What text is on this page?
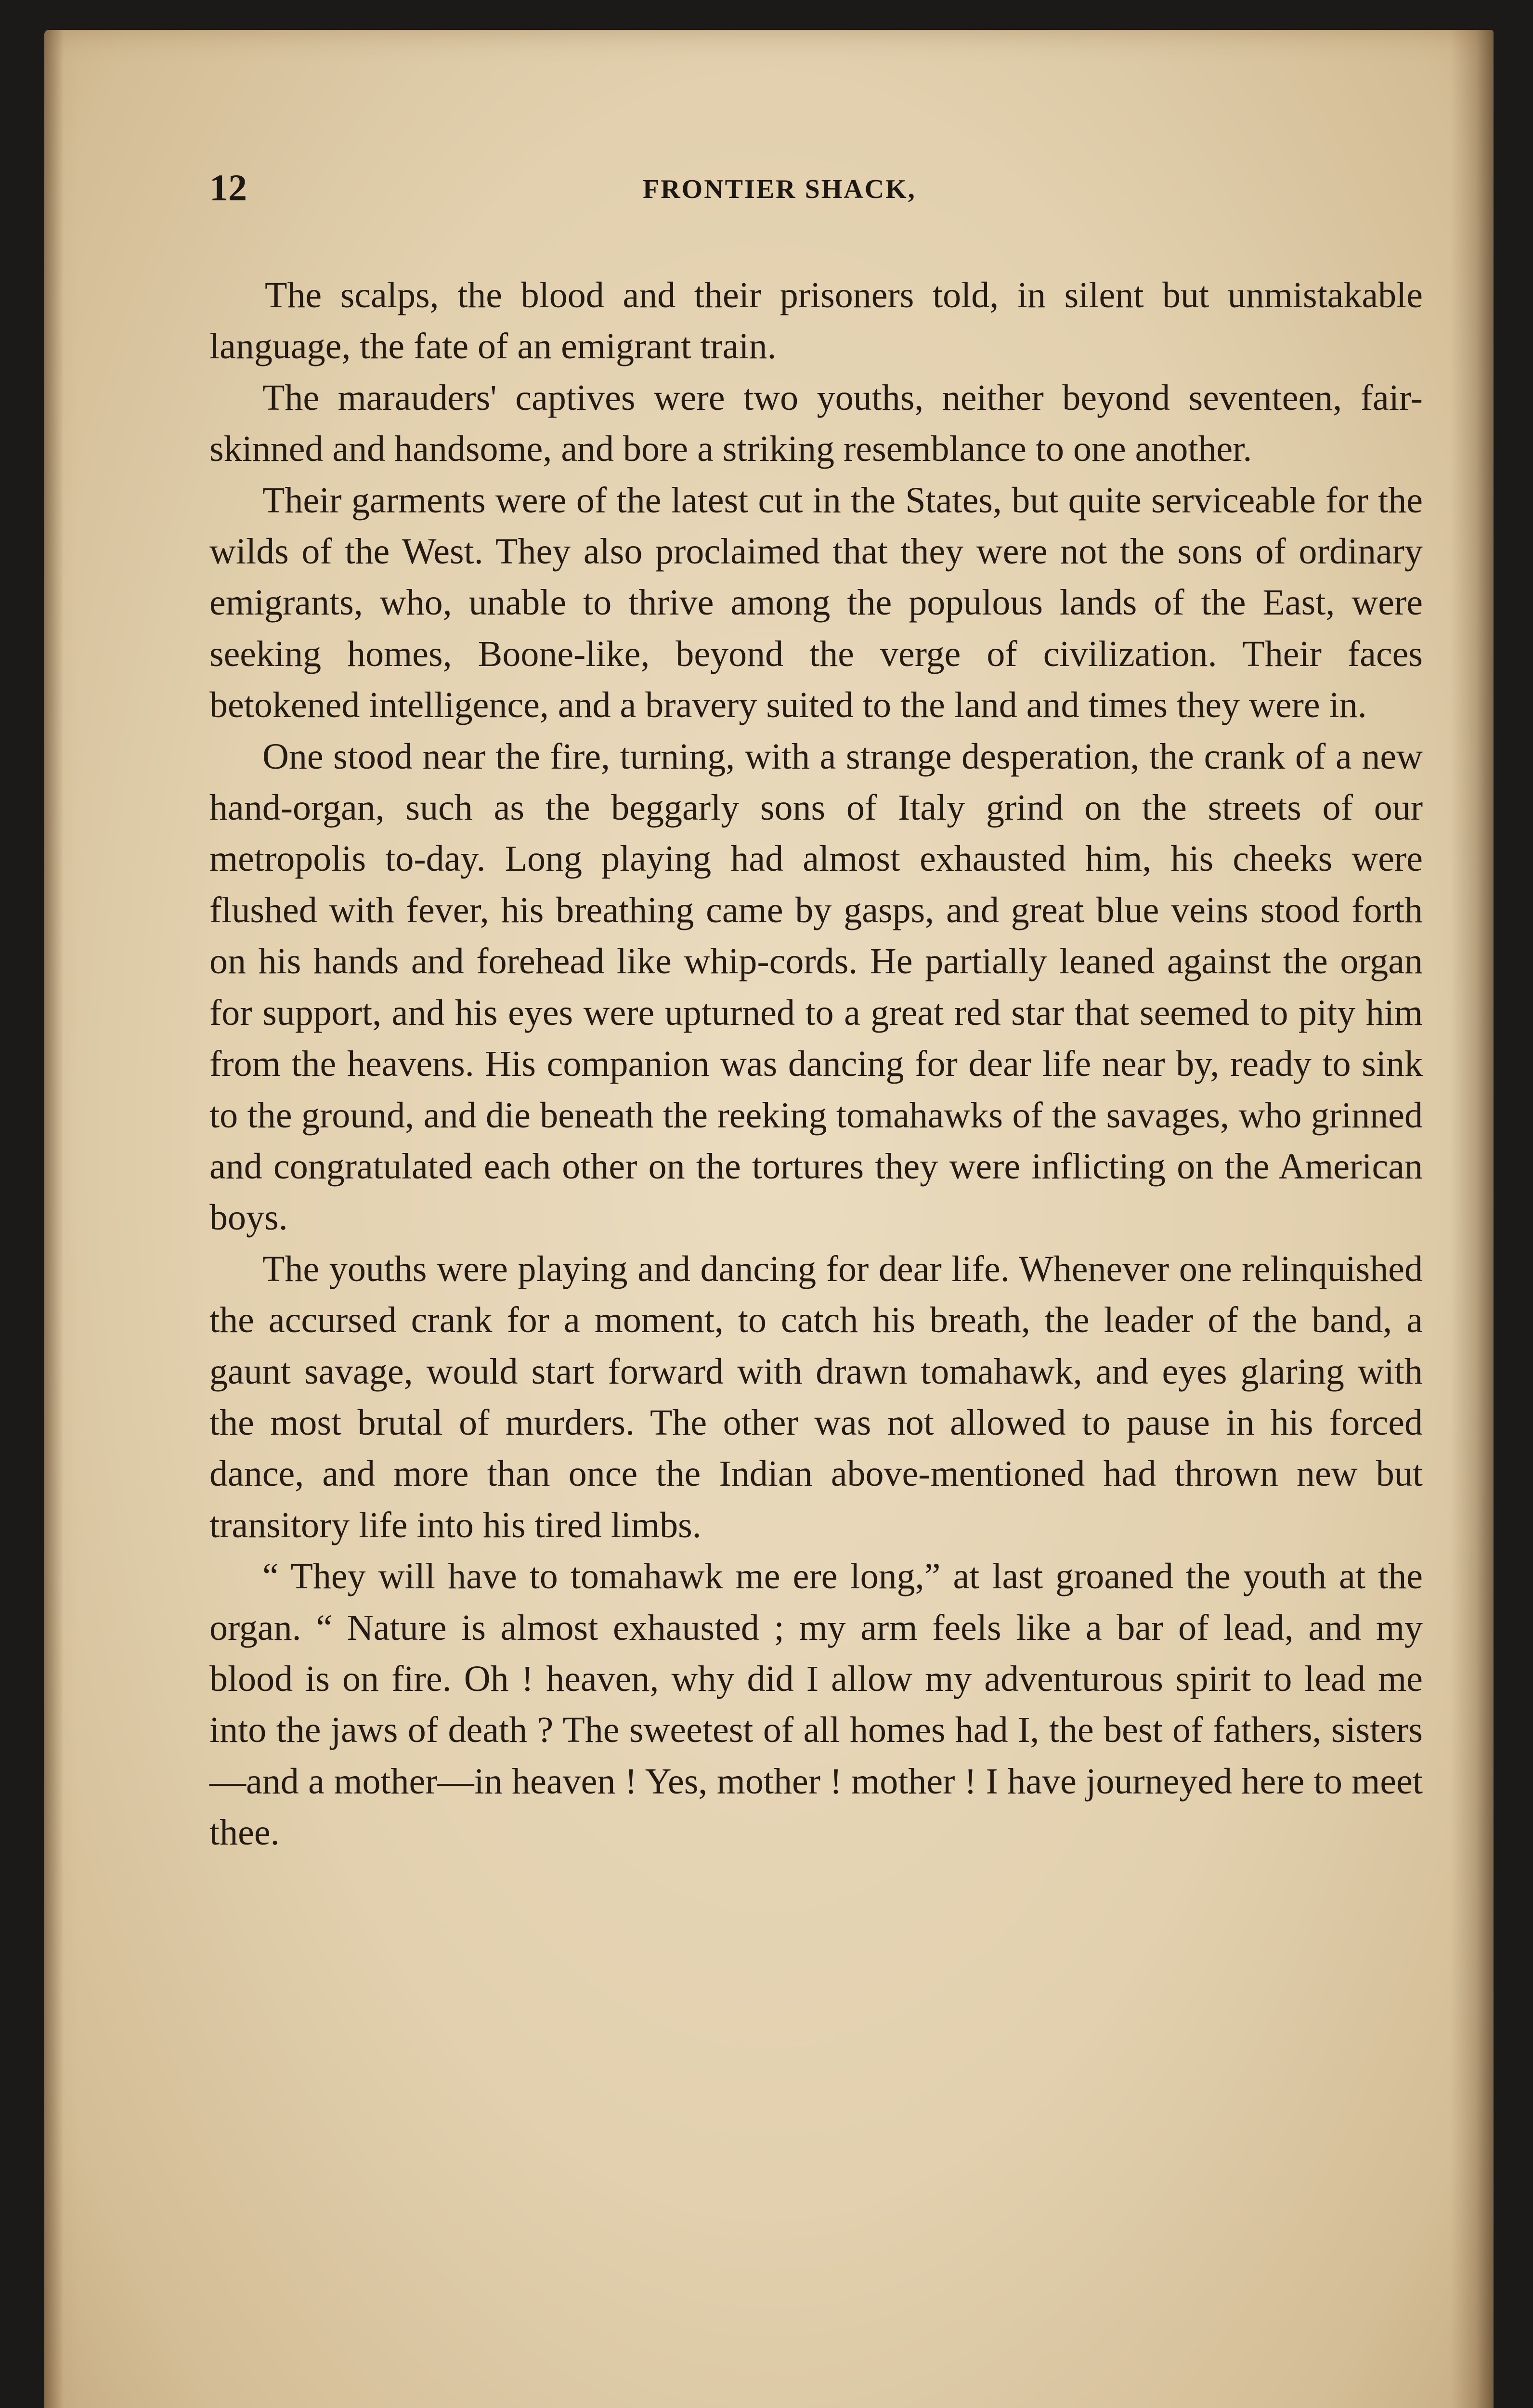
12	FRONTIER SHACK,

The scalps, the blood and their prisoners told, in silent but unmistakable language, the fate of an emigrant train.

The marauders' captives were two youths, neither beyond seventeen, fair-skinned and handsome, and bore a striking resemblance to one another.

Their garments were of the latest cut in the States, but quite serviceable for the wilds of the West. They also proclaimed that they were not the sons of ordinary emigrants, who, unable to thrive among the populous lands of the East, were seeking homes, Boone-like, beyond the verge of civilization. Their faces betokened intelligence, and a bravery suited to the land and times they were in.

One stood near the fire, turning, with a strange desperation, the crank of a new hand-organ, such as the beggarly sons of Italy grind on the streets of our metropolis to-day. Long playing had almost exhausted him, his cheeks were flushed with fever, his breathing came by gasps, and great blue veins stood forth on his hands and forehead like whip-cords. He partially leaned against the organ for support, and his eyes were upturned to a great red star that seemed to pity him from the heavens. His companion was dancing for dear life near by, ready to sink to the ground, and die beneath the reeking tomahawks of the savages, who grinned and congratulated each other on the tortures they were inflicting on the American boys.

The youths were playing and dancing for dear life. Whenever one relinquished the accursed crank for a moment, to catch his breath, the leader of the band, a gaunt savage, would start forward with drawn tomahawk, and eyes glaring with the most brutal of murders. The other was not allowed to pause in his forced dance, and more than once the Indian above-mentioned had thrown new but transitory life into his tired limbs.

“ They will have to tomahawk me ere long,” at last groaned the youth at the organ. “ Nature is almost exhausted ; my arm feels like a bar of lead, and my blood is on fire. Oh ! heaven, why did I allow my adventurous spirit to lead me into the jaws of death ? The sweetest of all homes had I, the best of fathers, sisters—and a mother—in heaven ! Yes, mother ! mother ! I have journeyed here to meet thee.
